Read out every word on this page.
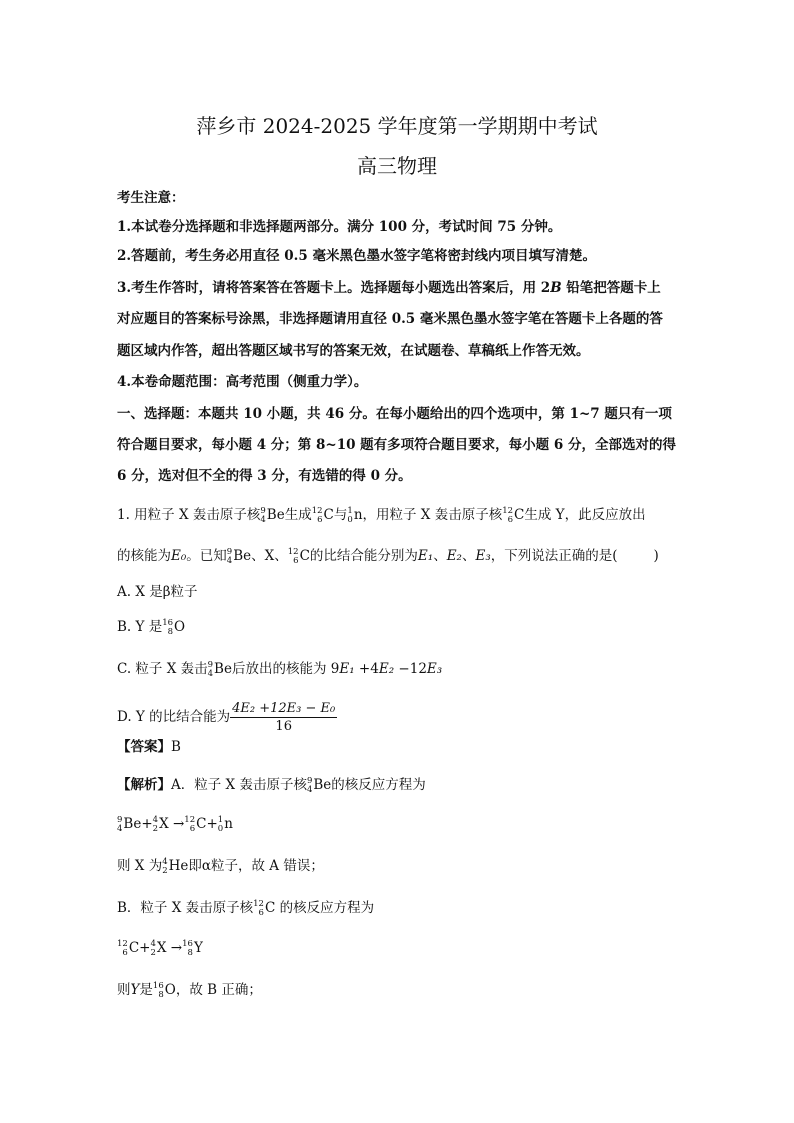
萍乡市 2024-2025 学年度第一学期期中考试
高三物理
考生注意：
1.本试卷分选择题和非选择题两部分。满分 100 分，考试时间 75 分钟。
2.答题前，考生务必用直径 0.5 毫米黑色墨水签字笔将密封线内项目填写清楚。
3.考生作答时，请将答案答在答题卡上。选择题每小题选出答案后，用 2B 铅笔把答题卡上
对应题目的答案标号涂黑，非选择题请用直径 0.5 毫米黑色墨水签字笔在答题卡上各题的答
题区域内作答，超出答题区域书写的答案无效，在试题卷、草稿纸上作答无效。
4.本卷命题范围：高考范围（侧重力学）。
一、选择题：本题共 10 小题，共 46 分。在每小题给出的四个选项中，第 1~7 题只有一项
符合题目要求，每小题 4 分；第 8~10 题有多项符合题目要求，每小题 6 分，全部选对的得
6 分，选对但不全的得 3 分，有选错的得 0 分。
1. 用粒子 X 轰击原子核 9
4 Be生成 12
6 C与 1
0 n，用粒子 X 轰击原子核 12
6 C生成 Y，此反应放出
的核能为E₀。已知 9
4 Be、X、 12
6 C的比结合能分别为E₁、E₂、E₃，下列说法正确的是(	)
A. X 是β粒子
B. Y 是 16
8 O
C. 粒子 X 轰击 9
4 Be后放出的核能为 9E₁ +4E₂ −12E₃
D. Y 的比结合能为 $\frac{\text{4E₂ +12E₃ − E₀}}{16}$
【答案】B
【解析】A．粒子 X 轰击原子核 9
4 Be的核反应方程为
9
4 Be+ 4
2 X → 12
6 C+ 1
0 n
则 X 为 4
2 He即α粒子，故 A 错误；
B．粒子 X 轰击原子核 12
6 C 的核反应方程为
12
6 C+ 4
2 X → 16
8 Y
则Y是 16
8 O，故 B 正确；
